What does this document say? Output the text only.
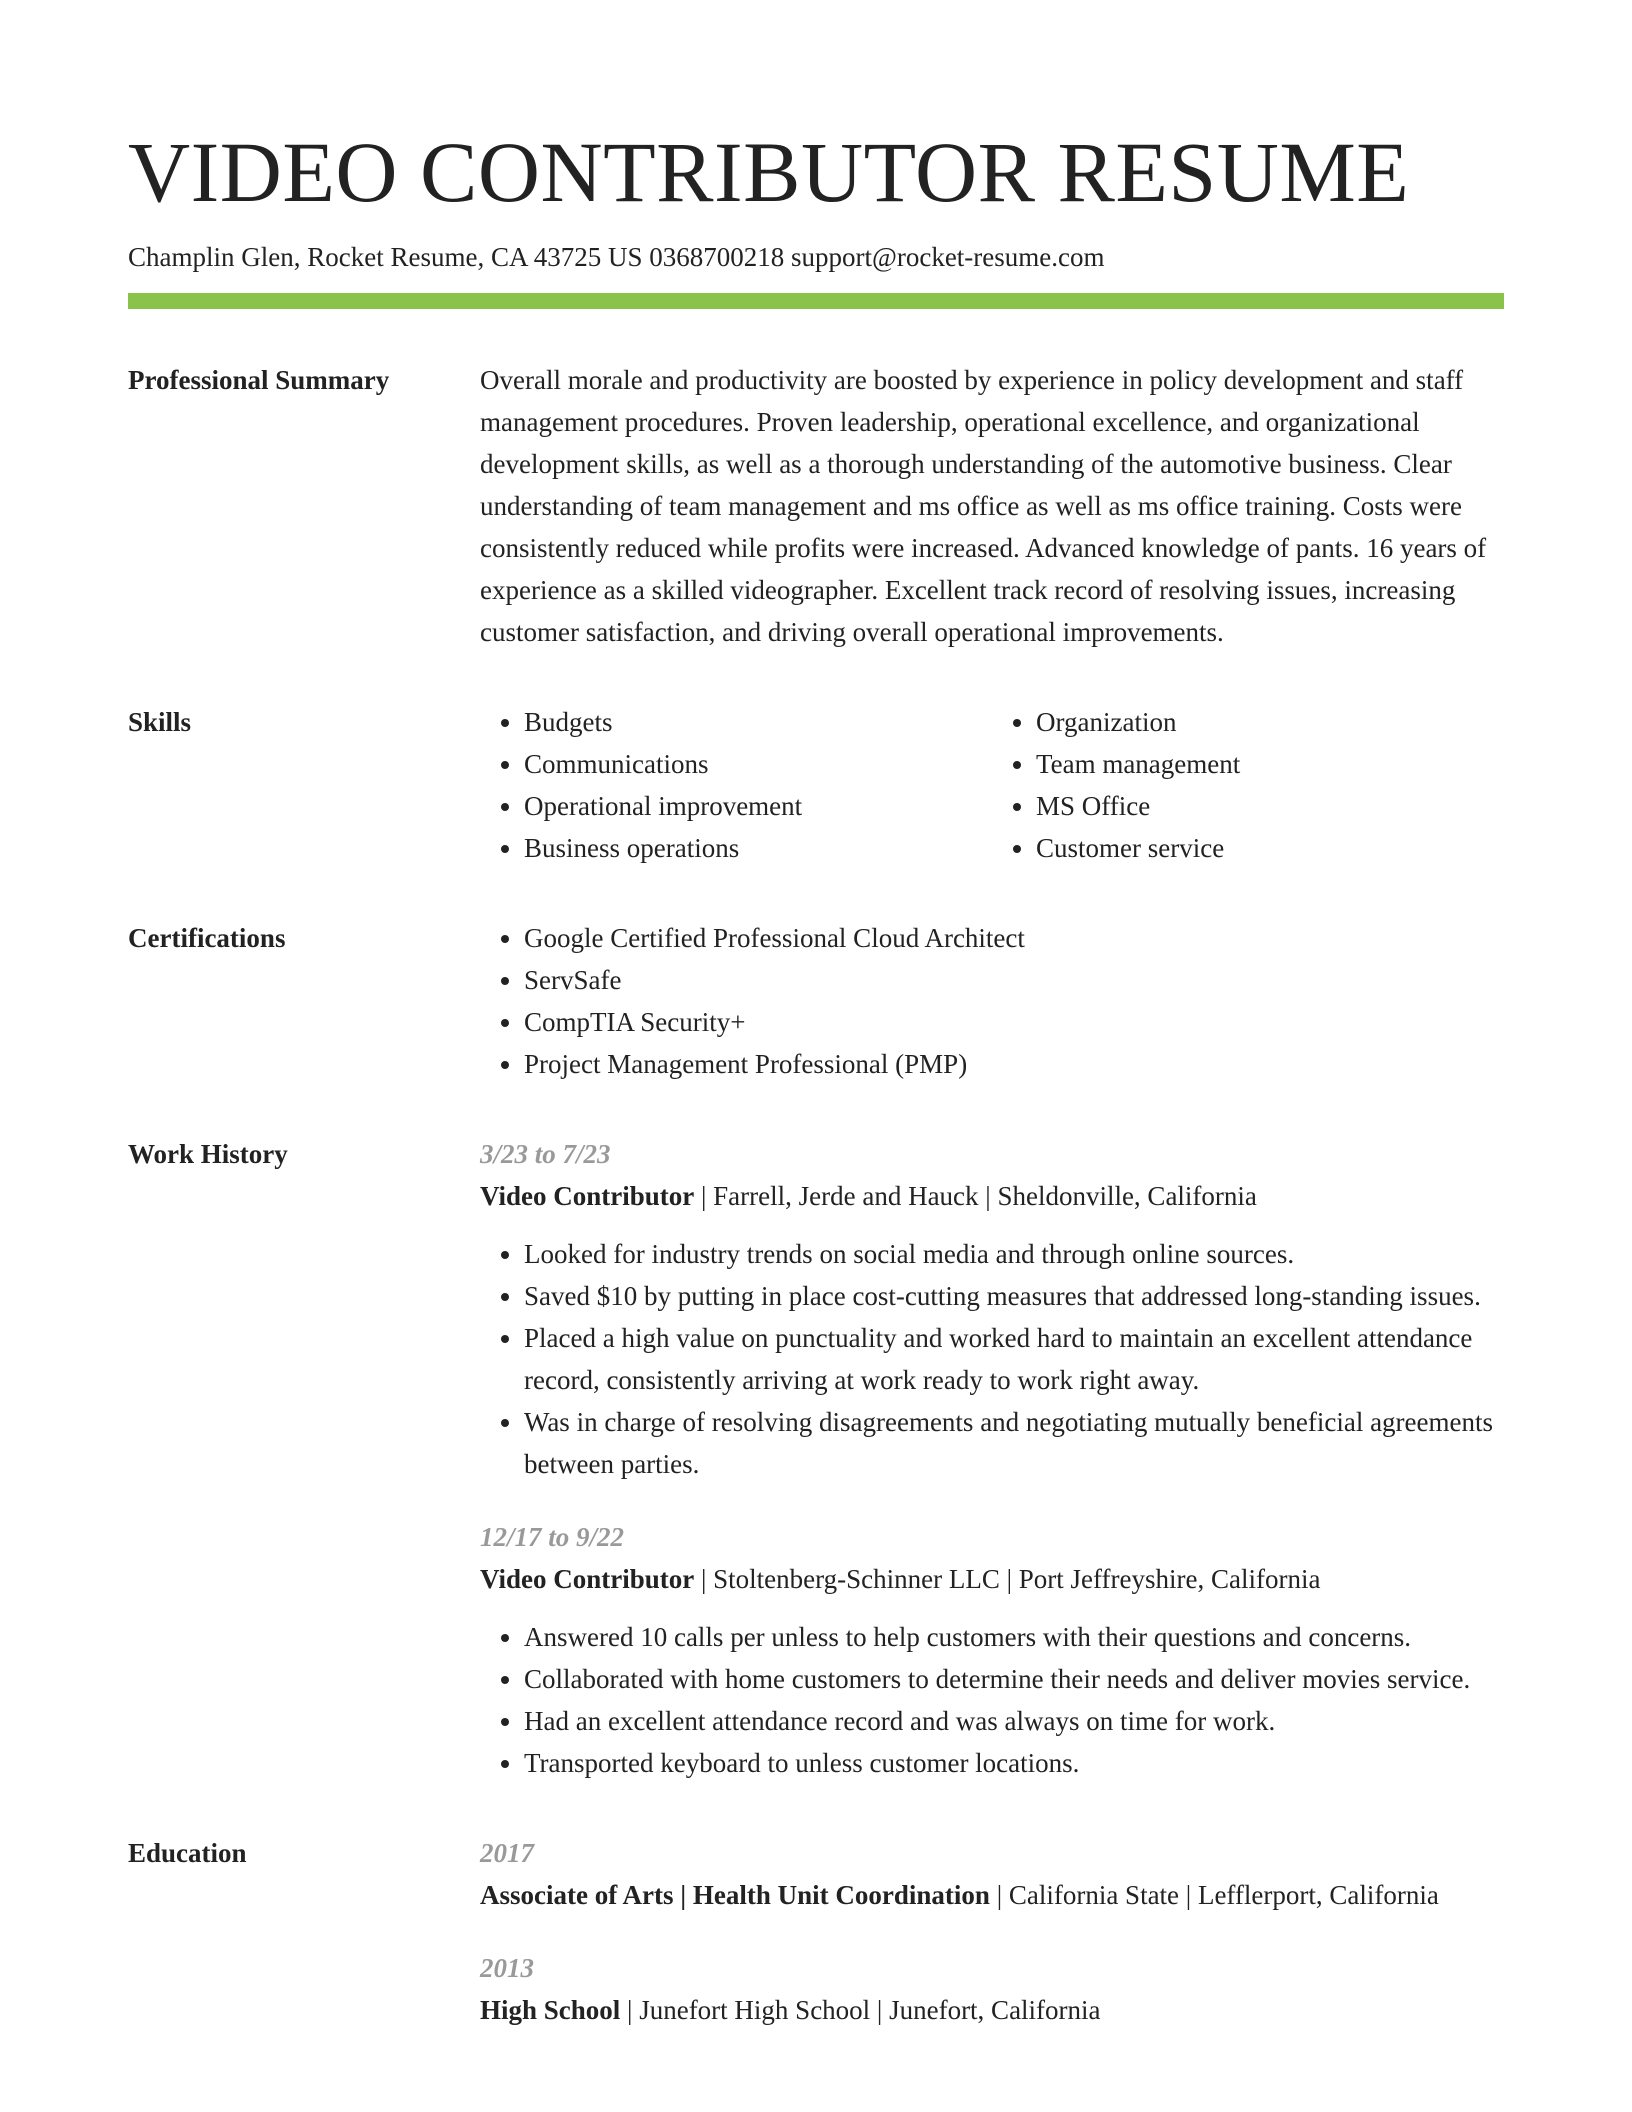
VIDEO CONTRIBUTOR RESUME
Champlin Glen, Rocket Resume, CA 43725 US 0368700218 support@rocket-resume.com
Professional Summary	Overall morale and productivity are boosted by experience in policy development and staff management procedures. Proven leadership, operational excellence, and organizational development skills, as well as a thorough understanding of the automotive business. Clear understanding of team management and ms office as well as ms office training. Costs were consistently reduced while profits were increased. Advanced knowledge of pants. 16 years of experience as a skilled videographer. Excellent track record of resolving issues, increasing customer satisfaction, and driving overall operational improvements.

Skills	• Budgets
• Communications
• Operational improvement
• Business operations
• Organization
• Team management
• MS Office
• Customer service
Certifications	• Google Certified Professional Cloud Architect
• ServSafe
• CompTIA Security+
• Project Management Professional (PMP)
Work History	3/23 to 7/23
Video Contributor | Farrell, Jerde and Hauck | Sheldonville, California
• Looked for industry trends on social media and through online sources.
• Saved $10 by putting in place cost-cutting measures that addressed long-standing issues.
• Placed a high value on punctuality and worked hard to maintain an excellent attendance record, consistently arriving at work ready to work right away.
• Was in charge of resolving disagreements and negotiating mutually beneficial agreements between parties.
12/17 to 9/22
Video Contributor | Stoltenberg-Schinner LLC | Port Jeffreyshire, California
• Answered 10 calls per unless to help customers with their questions and concerns.
• Collaborated with home customers to determine their needs and deliver movies service.
• Had an excellent attendance record and was always on time for work.
• Transported keyboard to unless customer locations.
Education	2017
Associate of Arts | Health Unit Coordination | California State | Lefflerport, California
2013
High School | Junefort High School | Junefort, California
